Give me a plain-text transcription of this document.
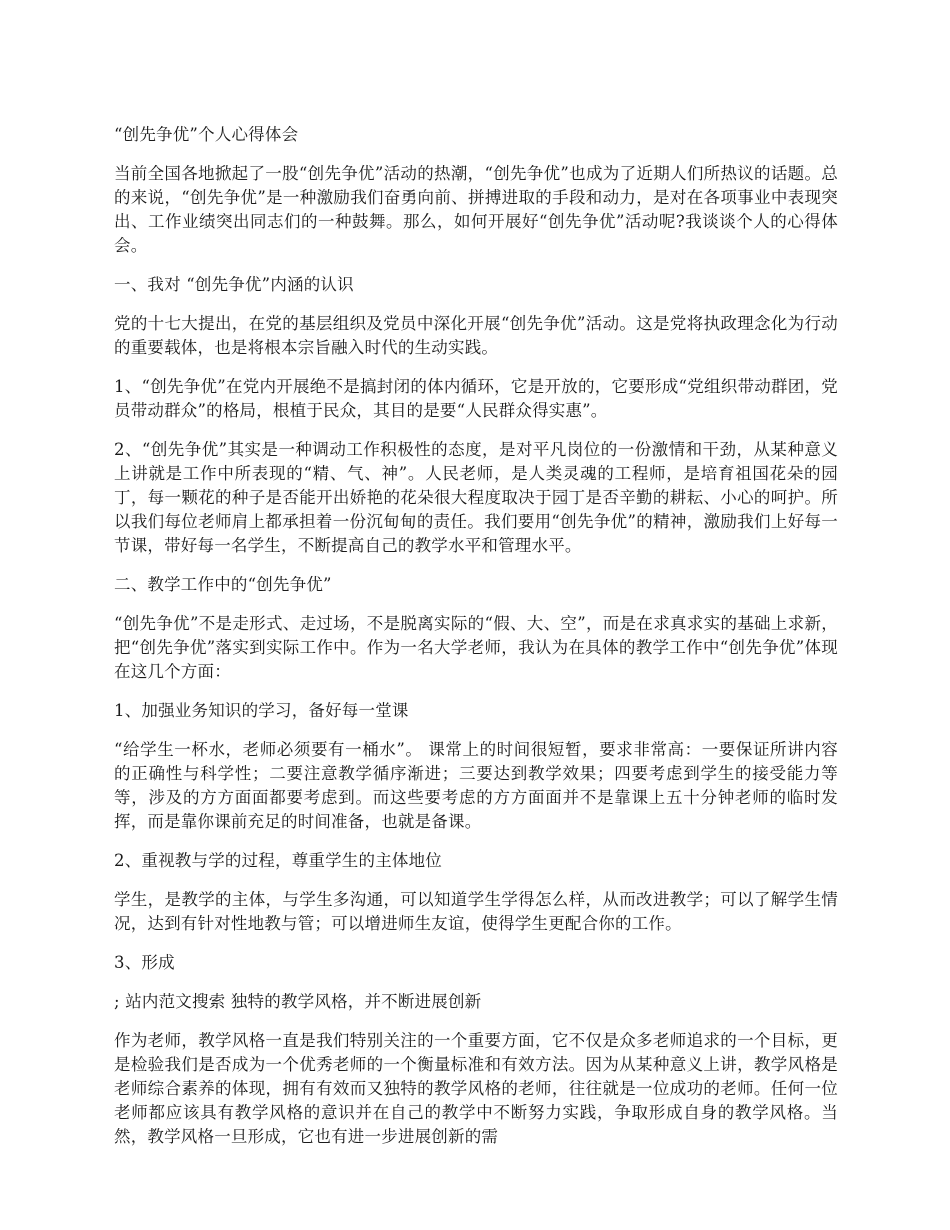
“创先争优”个人心得体会

当前全国各地掀起了一股“创先争优”活动的热潮，“创先争优”也成为了近期人们所热议的话题。总的来说，“创先争优”是一种激励我们奋勇向前、拼搏进取的手段和动力，是对在各项事业中表现突出、工作业绩突出同志们的一种鼓舞。那么，如何开展好“创先争优”活动呢?我谈谈个人的心得体会。

一、我对 “创先争优”内涵的认识

党的十七大提出，在党的基层组织及党员中深化开展“创先争优”活动。这是党将执政理念化为行动的重要载体，也是将根本宗旨融入时代的生动实践。

1、“创先争优”在党内开展绝不是搞封闭的体内循环，它是开放的，它要形成“党组织带动群团，党员带动群众”的格局，根植于民众，其目的是要“人民群众得实惠”。

2、“创先争优”其实是一种调动工作积极性的态度，是对平凡岗位的一份激情和干劲，从某种意义上讲就是工作中所表现的“精、气、神”。人民老师，是人类灵魂的工程师，是培育祖国花朵的园丁，每一颗花的种子是否能开出娇艳的花朵很大程度取决于园丁是否辛勤的耕耘、小心的呵护。所以我们每位老师肩上都承担着一份沉甸甸的责任。我们要用“创先争优”的精神，激励我们上好每一节课，带好每一名学生，不断提高自己的教学水平和管理水平。

二、教学工作中的“创先争优”

“创先争优”不是走形式、走过场，不是脱离实际的“假、大、空”，而是在求真求实的基础上求新，把“创先争优”落实到实际工作中。作为一名大学老师，我认为在具体的教学工作中“创先争优”体现在这几个方面：

1、加强业务知识的学习，备好每一堂课

“给学生一杯水，老师必须要有一桶水”。 课常上的时间很短暂，要求非常高：一要保证所讲内容的正确性与科学性；二要注意教学循序渐进；三要达到教学效果；四要考虑到学生的接受能力等等，涉及的方方面面都要考虑到。而这些要考虑的方方面面并不是靠课上五十分钟老师的临时发挥，而是靠你课前充足的时间准备，也就是备课。

2、重视教与学的过程，尊重学生的主体地位

学生，是教学的主体，与学生多沟通，可以知道学生学得怎么样，从而改进教学；可以了解学生情况，达到有针对性地教与管；可以增进师生友谊，使得学生更配合你的工作。

3、形成

; 站内范文搜索 独特的教学风格，并不断进展创新

作为老师，教学风格一直是我们特别关注的一个重要方面，它不仅是众多老师追求的一个目标，更是检验我们是否成为一个优秀老师的一个衡量标准和有效方法。因为从某种意义上讲，教学风格是老师综合素养的体现，拥有有效而又独特的教学风格的老师，往往就是一位成功的老师。任何一位老师都应该具有教学风格的意识并在自己的教学中不断努力实践，争取形成自身的教学风格。当然，教学风格一旦形成，它也有进一步进展创新的需
